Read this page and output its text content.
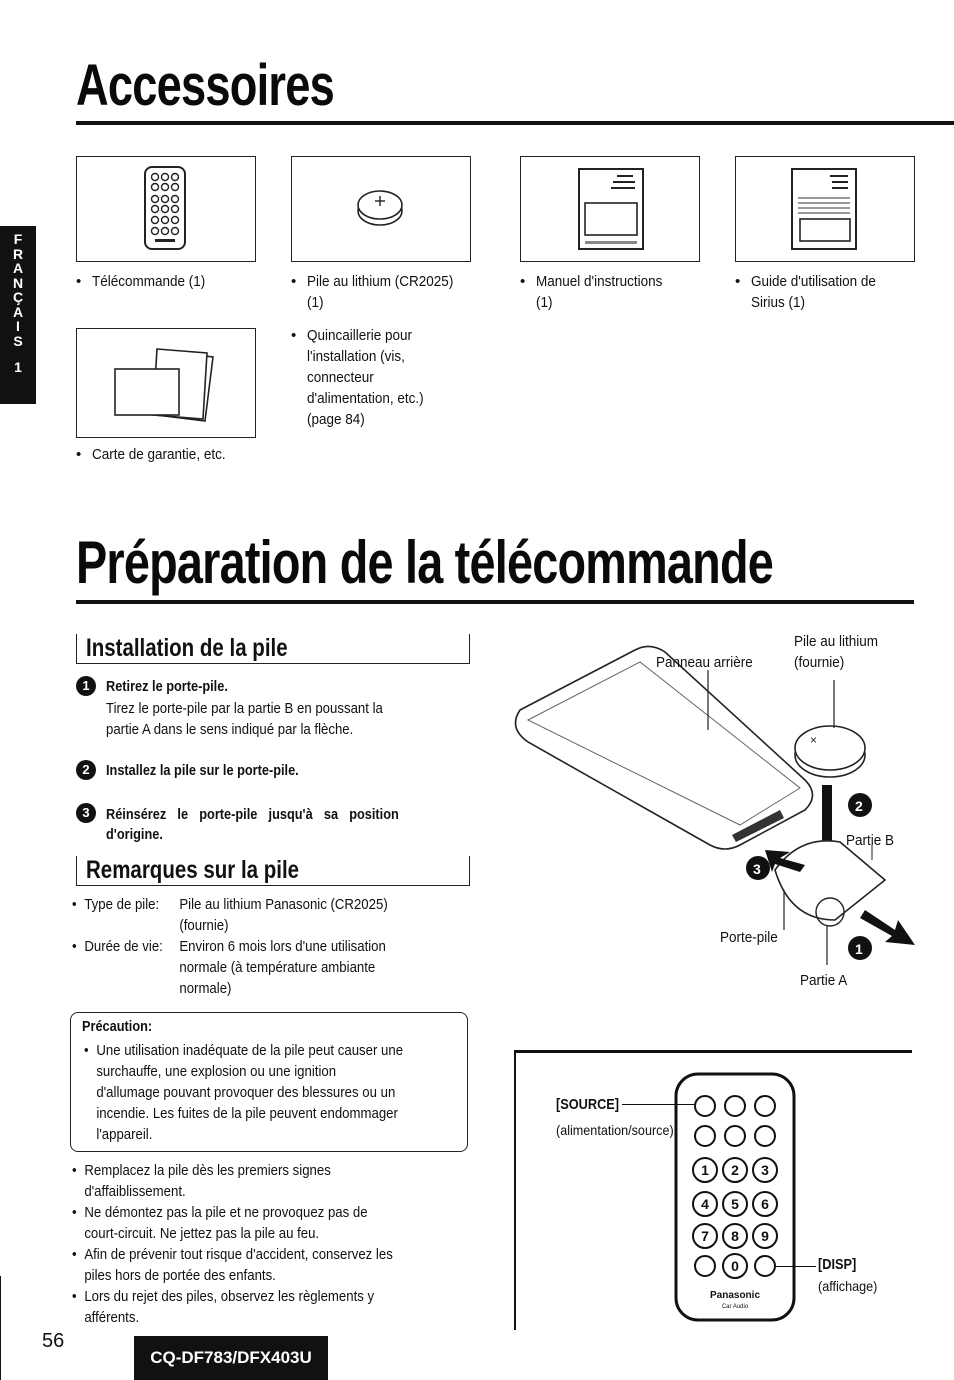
F
R
A
N
Ç
A
I
S
1
Accessoires
• Télécommande (1)	• Pile au lithium (CR2025)
(1)
• Manuel d'instructions
(1)
• Guide d'utilisation de
Sirius (1)
• Carte de garantie, etc.
• Quincaillerie pour
l'installation (vis,
connecteur
d'alimentation, etc.)
(page 84)
Préparation de la télécommande
Installation de la pile
1	Retirez le porte-pile.
Tirez le porte-pile par la partie B en poussant la
partie A dans le sens indiqué par la flèche.
2	Installez la pile sur le porte-pile.
3	Réinsérez le porte-pile jusqu'à sa position
d'origine.
Remarques sur la pile
• Type de pile: Pile au lithium Panasonic (CR2025)
(fournie)
• Durée de vie: Environ 6 mois lors d'une utilisation
normale (à température ambiante
normale)
Précaution:
• Une utilisation inadéquate de la pile peut causer une
surchauffe, une explosion ou une ignition
d'allumage pouvant provoquer des blessures ou un
incendie. Les fuites de la pile peuvent endommager
l'appareil.
• Remplacez la pile dès les premiers signes
d'affaiblissement.
• Ne démontez pas la pile et ne provoquez pas de
court-circuit. Ne jettez pas la pile au feu.
• Afin de prévenir tout risque d'accident, conservez les
piles hors de portée des enfants.
• Lors du rejet des piles, observez les règlements y
afférents.
×
2
3
1
Panneau arrière
Pile au lithium
(fournie)
Partie B
Porte-pile
Partie A
1 2 3
4 5 6
7 8 9
0
Panasonic
Car Audio
[SOURCE]
(alimentation/source)
[DISP]
(affichage)
56
CQ-DF783/DFX403U
